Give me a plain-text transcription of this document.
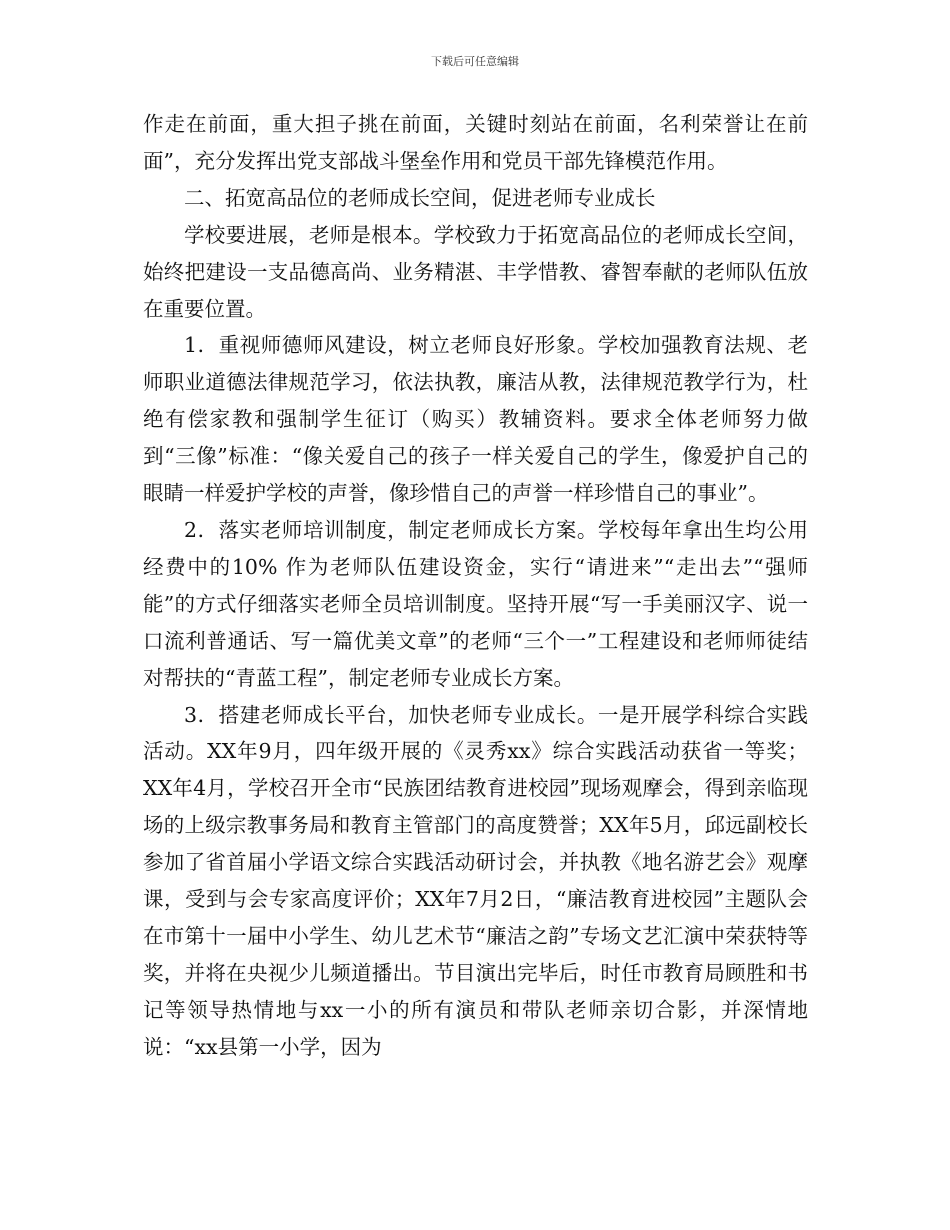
下载后可任意编辑

作走在前面，重大担子挑在前面，关键时刻站在前面，名利荣誉让在前面”，充分发挥出党支部战斗堡垒作用和党员干部先锋模范作用。

二、拓宽高品位的老师成长空间，促进老师专业成长

学校要进展，老师是根本。学校致力于拓宽高品位的老师成长空间，始终把建设一支品德高尚、业务精湛、丰学惜教、睿智奉献的老师队伍放在重要位置。

1．重视师德师风建设，树立老师良好形象。学校加强教育法规、老师职业道德法律规范学习，依法执教，廉洁从教，法律规范教学行为，杜绝有偿家教和强制学生征订（购买）教辅资料。要求全体老师努力做到“三像”标准：“像关爱自己的孩子一样关爱自己的学生，像爱护自己的眼睛一样爱护学校的声誉，像珍惜自己的声誉一样珍惜自己的事业”。

2．落实老师培训制度，制定老师成长方案。学校每年拿出生均公用经费中的10% 作为老师队伍建设资金，实行“请进来”“走出去”“强师能”的方式仔细落实老师全员培训制度。坚持开展“写一手美丽汉字、说一口流利普通话、写一篇优美文章”的老师“三个一”工程建设和老师师徒结对帮扶的“青蓝工程”，制定老师专业成长方案。

3．搭建老师成长平台，加快老师专业成长。一是开展学科综合实践活动。XX年9月，四年级开展的《灵秀xx》综合实践活动获省一等奖；XX年4月，学校召开全市“民族团结教育进校园”现场观摩会，得到亲临现场的上级宗教事务局和教育主管部门的高度赞誉；XX年5月，邱远副校长参加了省首届小学语文综合实践活动研讨会，并执教《地名游艺会》观摩课，受到与会专家高度评价；XX年7月2日，“廉洁教育进校园”主题队会在市第十一届中小学生、幼儿艺术节“廉洁之韵”专场文艺汇演中荣获特等奖，并将在央视少儿频道播出。节目演出完毕后，时任市教育局顾胜和书记等领导热情地与xx一小的所有演员和带队老师亲切合影，并深情地说：“xx县第一小学，因为
